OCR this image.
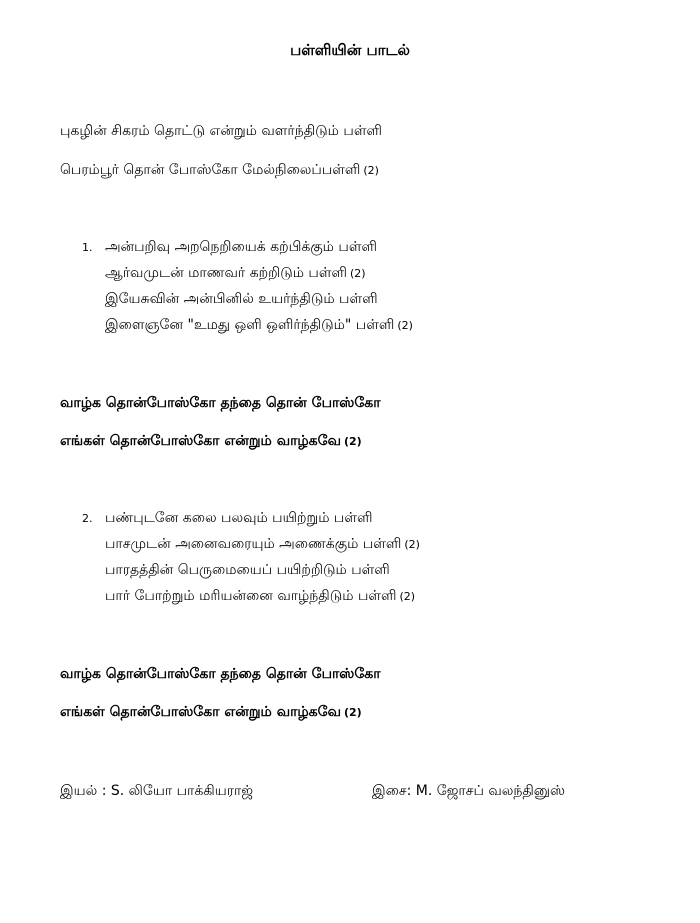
பள்ளியின் பாடல்
புகழின் சிகரம் தொட்டு என்றும் வளர்ந்திடும் பள்ளி
பெரம்பூர் தொன் போஸ்கோ மேல்நிலைப்பள்ளி (2)
1. அன்பறிவு அறநெறியைக் கற்பிக்கும் பள்ளி
ஆர்வமுடன் மாணவர் கற்றிடும் பள்ளி (2)
இயேசுவின் அன்பினில் உயர்ந்திடும் பள்ளி
இளைஞனே "உமது ஒளி ஒளிர்ந்திடும்" பள்ளி (2)
வாழ்க தொன்போஸ்கோ தந்தை தொன் போஸ்கோ
எங்கள் தொன்போஸ்கோ என்றும் வாழ்கவே (2)
2. பண்புடனே கலை பலவும் பயிற்றும் பள்ளி
பாசமுடன் அனைவரையும் அணைக்கும் பள்ளி (2)
பாரதத்தின் பெருமையைப் பயிற்றிடும் பள்ளி
பார் போற்றும் மரியன்னை வாழ்ந்திடும் பள்ளி (2)
வாழ்க தொன்போஸ்கோ தந்தை தொன் போஸ்கோ
எங்கள் தொன்போஸ்கோ என்றும் வாழ்கவே (2)
இயல் : S. லியோ பாக்கியராஜ்	இசை: M. ஜோசப் வலந்தினுஸ்
